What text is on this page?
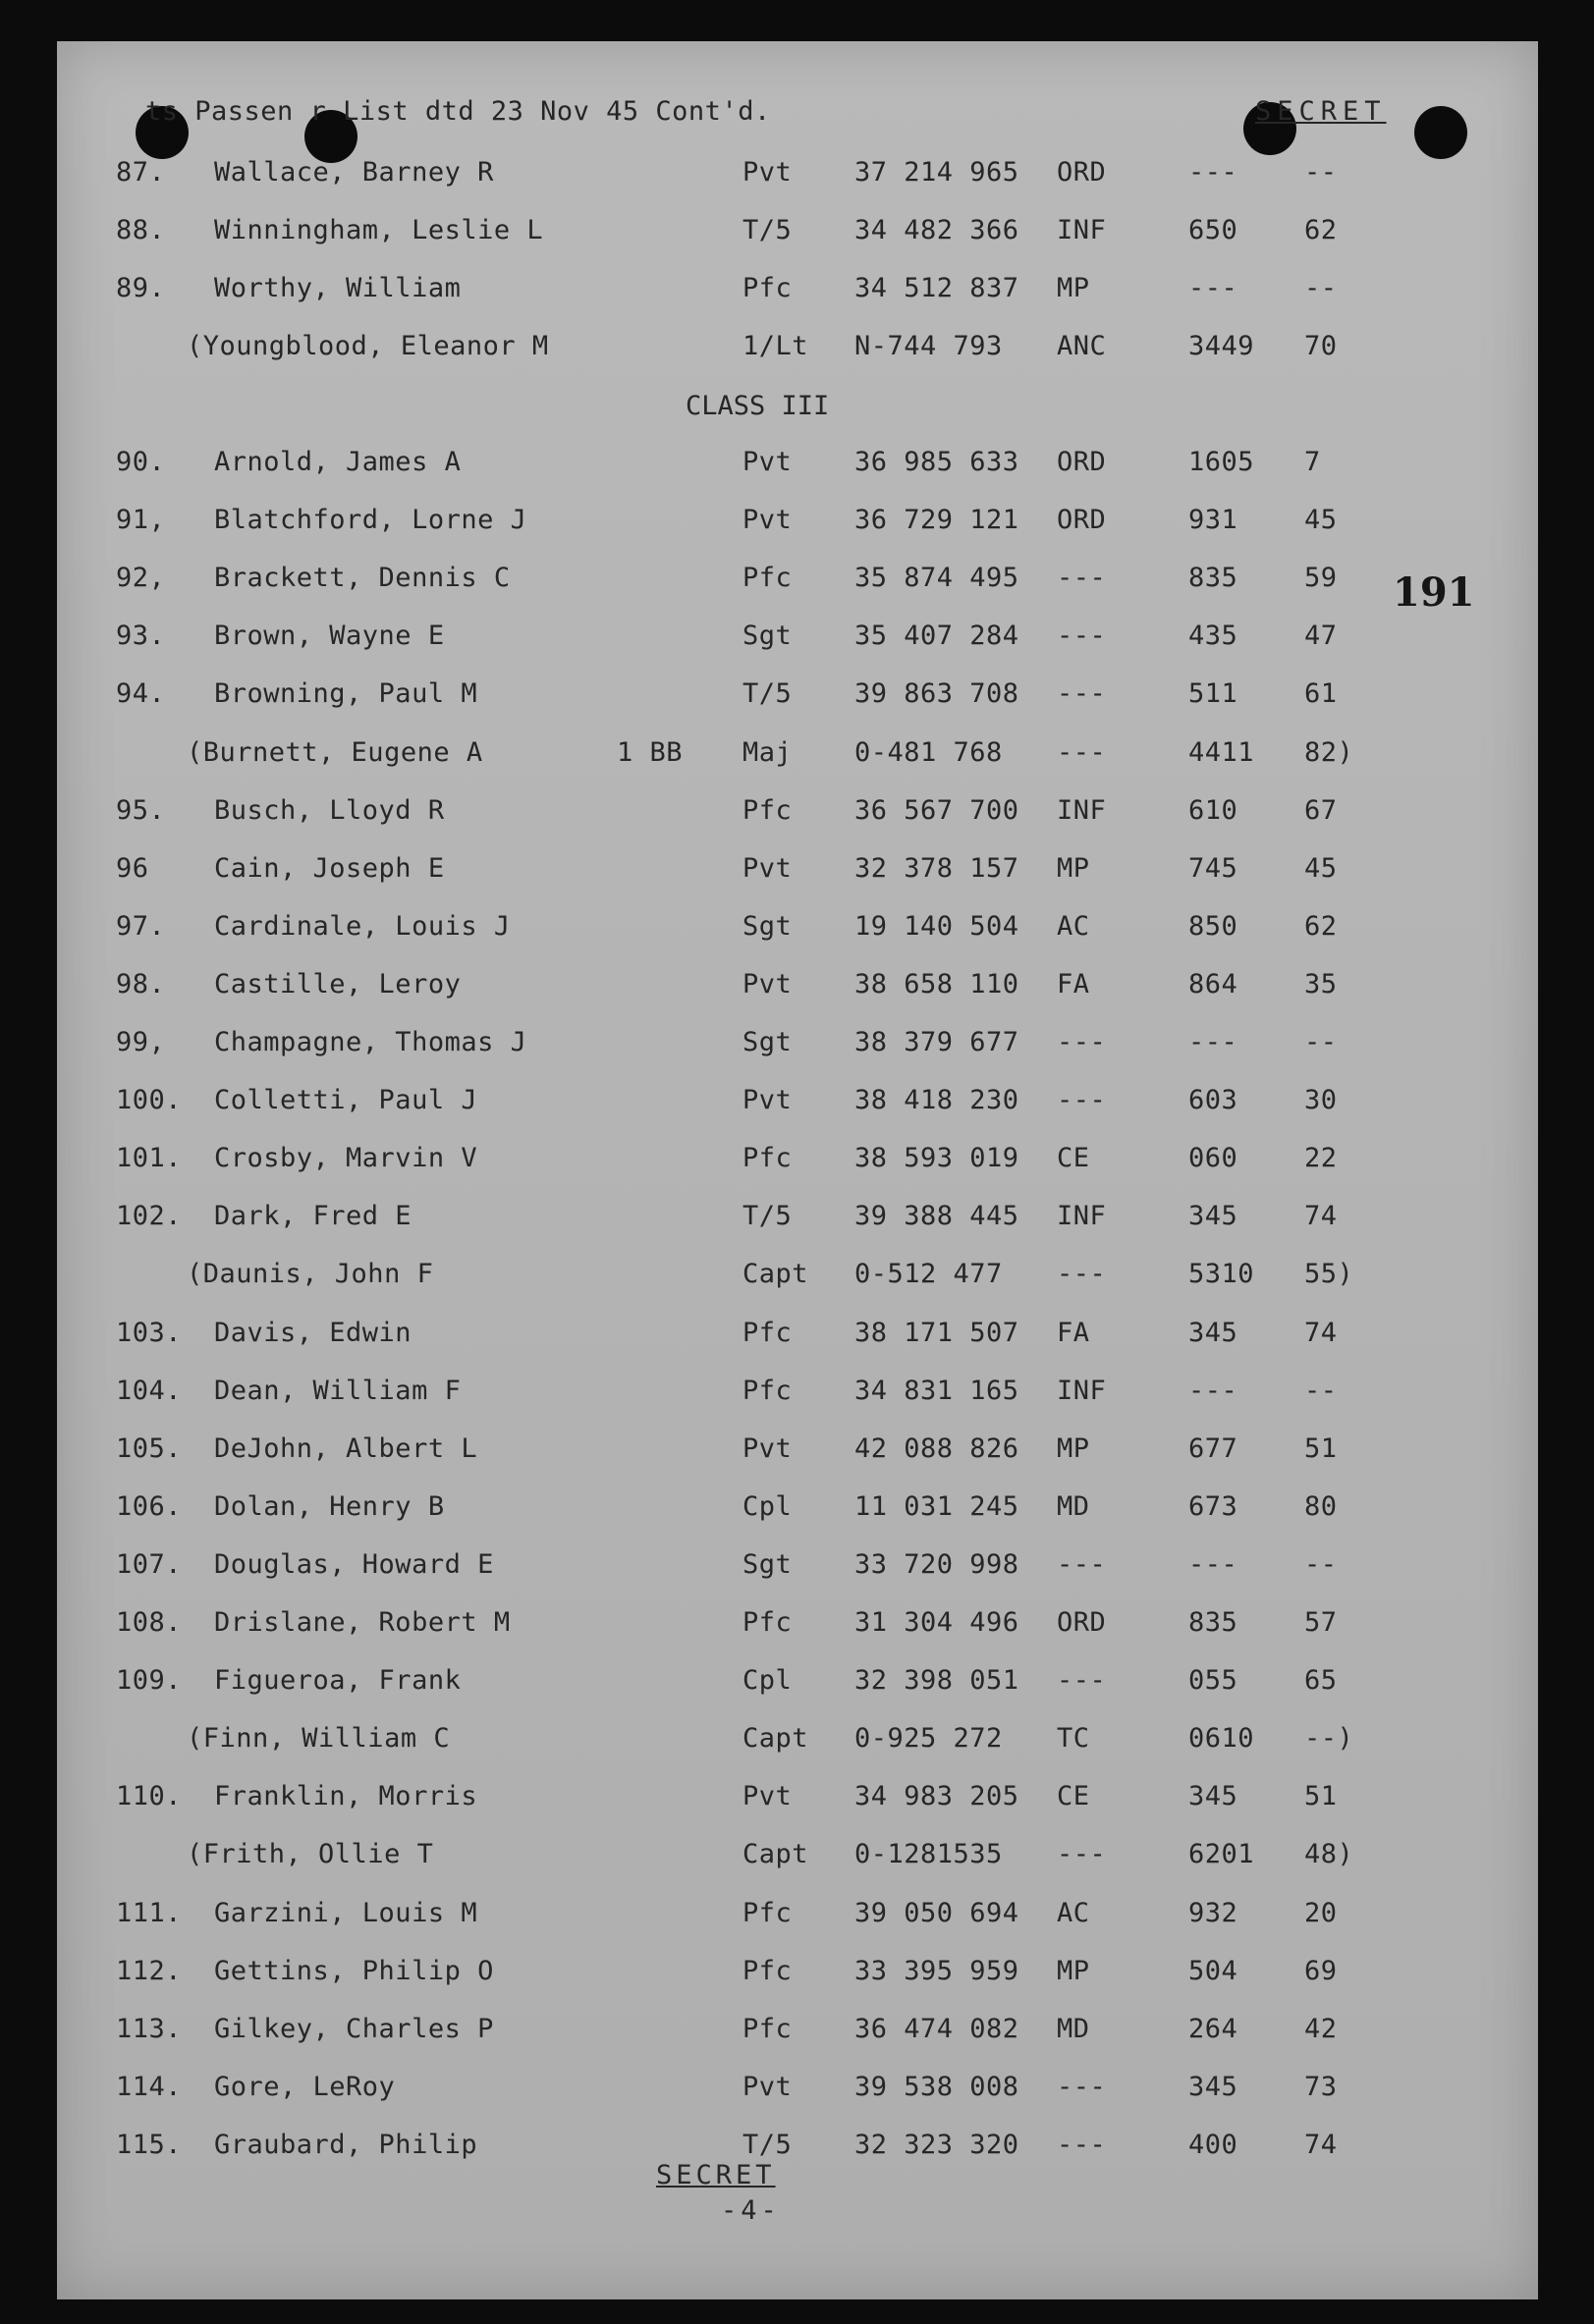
ts Passen r List dtd 23 Nov 45 Cont'd.	SECRET
87. Wallace, Barney R	Pvt 37 214 965 ORD	---	--
88. Winningham, Leslie L	T/5 34 482 366 INF	650	62
89. Worthy, William	Pfc 34 512 837 MP	---	--
(Youngblood, Eleanor M	1/Lt N-744 793 ANC	3449 70
CLASS III
90. Arnold, James A	Pvt 36 985 633 ORD	1605 7
91, Blatchford, Lorne J	Pvt 36 729 121 ORD	931	45
92, Brackett, Dennis C	Pfc 35 874 495 ---	835	59
93. Brown, Wayne E	Sgt 35 407 284 ---	435	47
94. Browning, Paul M	T/5 39 863 708 ---	511	61
(Burnett, Eugene A	1 BB Maj 0-481 768 ---	4411 82)
95. Busch, Lloyd R	Pfc 36 567 700 INF	610	67
96 Cain, Joseph E	Pvt 32 378 157 MP	745	45
97. Cardinale, Louis J	Sgt 19 140 504 AC	850	62
98. Castille, Leroy	Pvt 38 658 110 FA	864	35
99, Champagne, Thomas J	Sgt 38 379 677 ---	---	--
100. Colletti, Paul J	Pvt 38 418 230 ---	603	30
101. Crosby, Marvin V	Pfc 38 593 019 CE	060	22
102. Dark, Fred E	T/5 39 388 445 INF	345	74
(Daunis, John F	Capt 0-512 477 ---	5310 55)
103. Davis, Edwin	Pfc 38 171 507 FA	345	74
104. Dean, William F	Pfc 34 831 165 INF	---	--
105. DeJohn, Albert L	Pvt 42 088 826 MP	677	51
106. Dolan, Henry B	Cpl 11 031 245 MD	673	80
107. Douglas, Howard E	Sgt 33 720 998 ---	---	--
108. Drislane, Robert M	Pfc 31 304 496 ORD	835	57
109. Figueroa, Frank	Cpl 32 398 051 ---	055	65
(Finn, William C	Capt 0-925 272 TC	0610 --)
110. Franklin, Morris	Pvt 34 983 205 CE	345	51
(Frith, Ollie T	Capt 0-1281535 ---	6201 48)
111. Garzini, Louis M	Pfc 39 050 694 AC	932	20
112. Gettins, Philip O	Pfc 33 395 959 MP	504	69
113. Gilkey, Charles P	Pfc 36 474 082 MD	264	42
114. Gore, LeRoy	Pvt 39 538 008 ---	345	73
115. Graubard, Philip	T/5 32 323 320 ---	400	74
191
SECRET
-4-
